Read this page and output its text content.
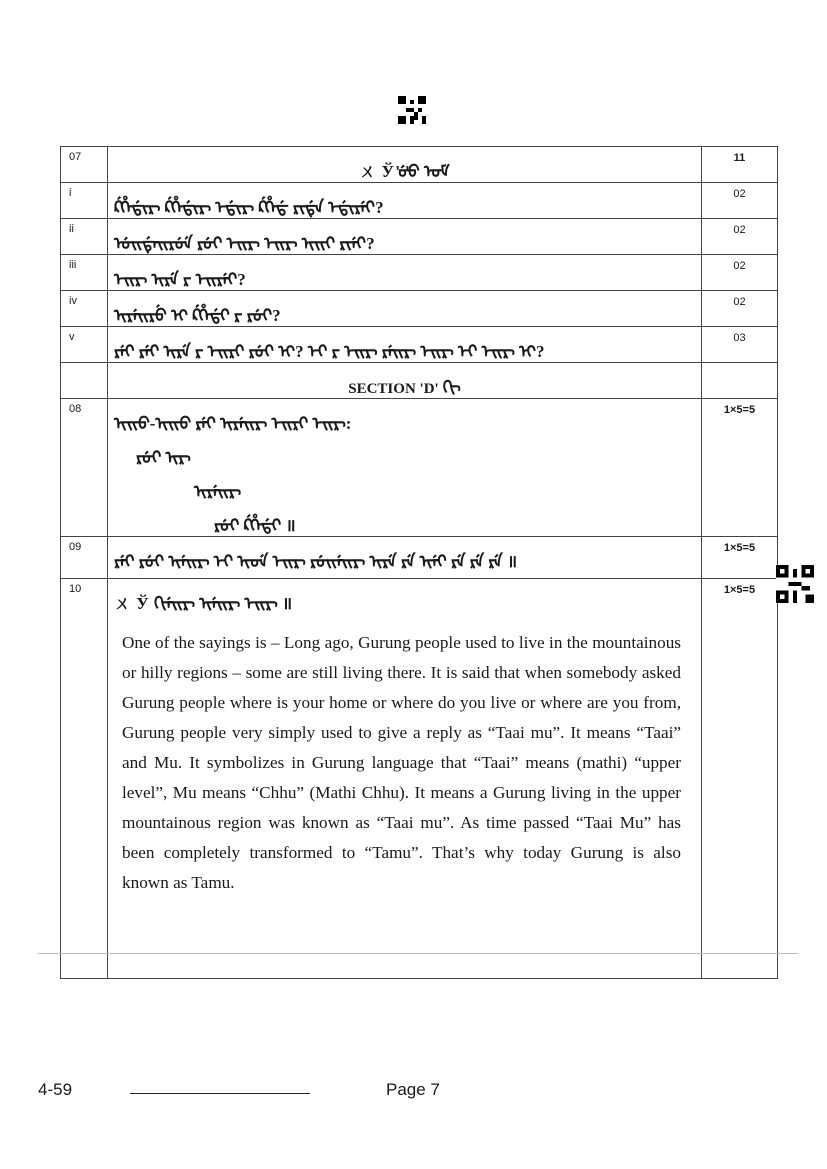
07	ㄨ Ў ᡃᡠᡃᡠ ᠤᠮ	11
i	ᡬᡥᡝᡩᡳᡵ ᡬᡥᡝᡩᡳᡵ ᡝᡩᡳᡵ ᡬᡥᡝᡩ ᡵᡳᡩᡝ ᡝᡩᡳᡵᡝᡳ?	02
ii	ᡠᡳᡩᡝᡳᡵᡠᡝ ᡵᡠᡳ ᡝᡳᡵ ᡝᡳᡵ ᡳᡳᡳ ᡵᡳᡝᡳ?	02
iii	ᡝᡳᡵ ᡳᡵᡝ ᡵ ᡝᡳᡵᡝᡳ?	02
iv	ᡳᡵᡝᡳᡵᡠ ᡳ ᡬᡥᡝᡩᡳ ᡵ ᡵᡠᡳ?	02
v	ᡵᡝᡳ ᡵᡝᡳ ᡳᡵᡝ ᡵ ᡝᡳᡵᡳ ᡵᡠᡳ ᡳ? ᡝᡳ ᡵ ᡝᡳᡵ ᡵᡝᡳᡵ ᡝᡳᡵ ᡝᡳ ᡝᡳᡵ ᡳ?	03
	SECTION 'D' ᡴᡳ	
08	ᡳᡳᡠ-ᡳᡳᡠ ᡵᡝᡳ ᡳᡵᡝᡳᡵ ᡝᡳᡵᡳ ᡝᡳᡵ:
ᡵᡠᡳ ᡳᡵ
ᡳᡵᡝᡳᡵ
ᡵᡠᡳ ᡬᡥᡝᡩᡳ ॥	1×5=5
09	ᡵᡝᡳ ᡵᡠᡳ ᡳᡝᡳᡵ ᡝᡳ ᡳᡠᡝ ᡝᡳᡵ ᡵᡠᡳᡝᡳᡵ ᡳᡵᡝ ᡵᡝ ᡳᡝᡳ ᡵᡝ ᡵᡝ ᡵᡝ ॥	1×5=5
10	ㄨ Ў ᡴᡳᡝᡳᡵ ᡳᡝᡳᡵ ᡝᡳᡵ ॥
One of the sayings is – Long ago, Gurung people used to live in the mountainous or hilly regions – some are still living there. It is said that when somebody asked Gurung people where is your home or where do you live or where are you from, Gurung people very simply used to give a reply as “Taai mu”. It means “Taai” and Mu. It symbolizes in Gurung language that “Taai” means (mathi) “upper level”, Mu means “Chhu” (Mathi Chhu). It means a Gurung living in the upper mountainous region was known as “Taai mu”. As time passed “Taai Mu” has been completely transformed to “Tamu”. That’s why today Gurung is also known as Tamu.	1×5=5
4-59	Page 7
